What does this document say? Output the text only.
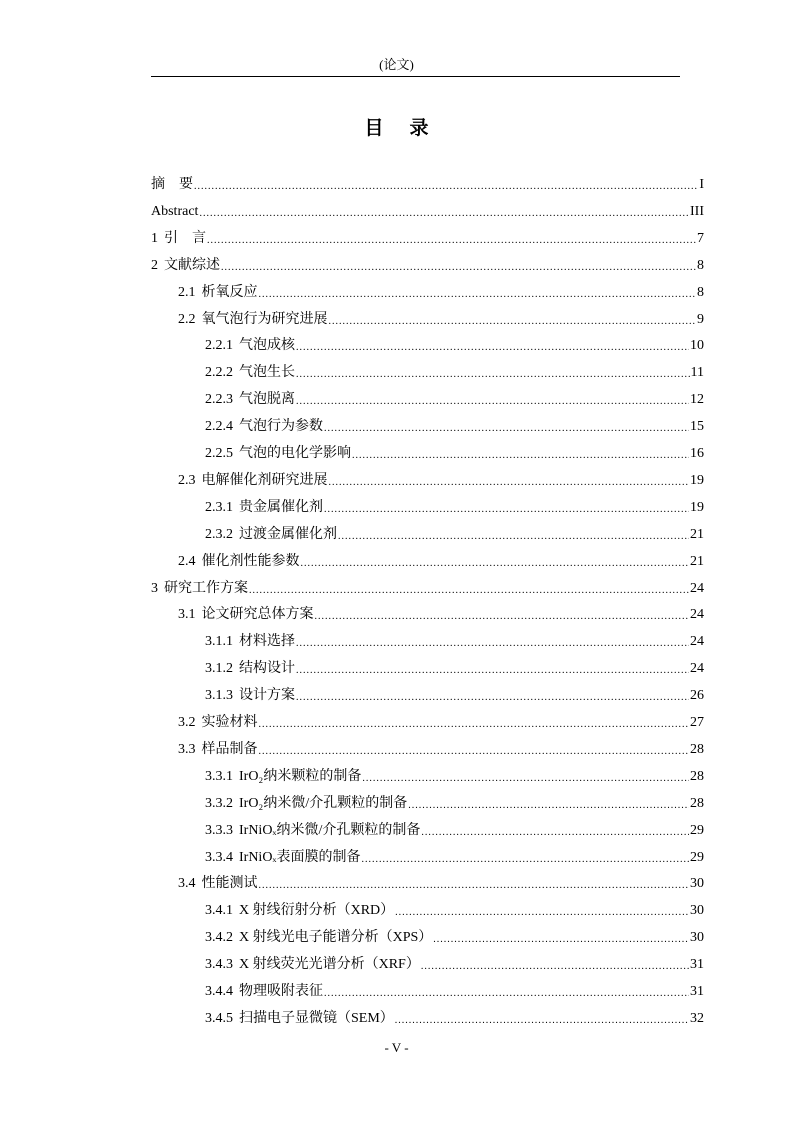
(论文)
目录
摘　要 .....	I
Abstract .....	III
1 引　言 .....	7
2 文献综述 .....	8
2.1 析氧反应 .....	8
2.2 氧气泡行为研究进展 .....	9
2.2.1 气泡成核 .....	10
2.2.2 气泡生长 .....	11
2.2.3 气泡脱离 .....	12
2.2.4 气泡行为参数 .....	15
2.2.5 气泡的电化学影响 .....	16
2.3 电解催化剂研究进展 .....	19
2.3.1 贵金属催化剂 .....	19
2.3.2 过渡金属催化剂 .....	21
2.4 催化剂性能参数 .....	21
3 研究工作方案 .....	24
3.1 论文研究总体方案 .....	24
3.1.1 材料选择 .....	24
3.1.2 结构设计 .....	24
3.1.3 设计方案 .....	26
3.2 实验材料 .....	27
3.3 样品制备 .....	28
3.3.1 IrO₂纳米颗粒的制备 .....	28
3.3.2 IrO₂纳米微/介孔颗粒的制备 .....	28
3.3.3 IrNiOₓ纳米微/介孔颗粒的制备 .....	29
3.3.4 IrNiOₓ表面膜的制备 .....	29
3.4 性能测试 .....	30
3.4.1 X 射线衍射分析（XRD） .....	30
3.4.2 X 射线光电子能谱分析（XPS） .....	30
3.4.3 X 射线荧光光谱分析（XRF） .....	31
3.4.4 物理吸附表征 .....	31
3.4.5 扫描电子显微镜（SEM） .....	32
- V -
